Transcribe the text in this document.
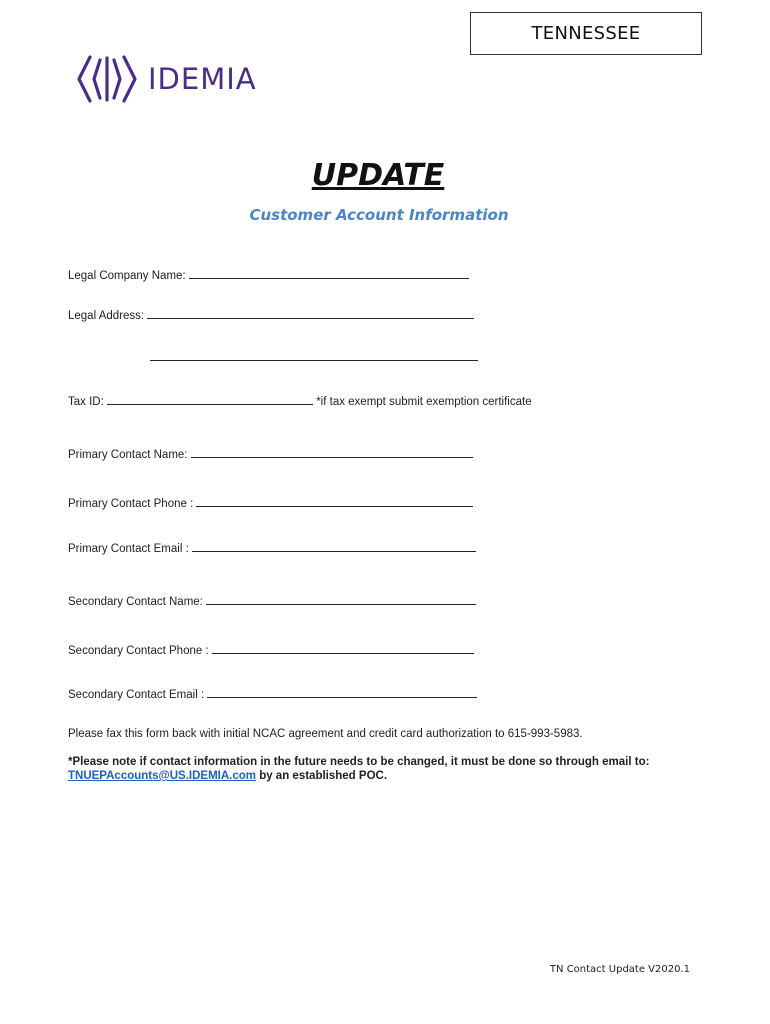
TENNESSEE
IDEMIA
UPDATE
Customer Account Information
Legal Company Name:
Legal Address:
Tax ID:	*if tax exempt submit exemption certificate
Primary Contact Name:
Primary Contact Phone :
Primary Contact Email :
Secondary Contact Name:
Secondary Contact Phone :
Secondary Contact Email :
Please fax this form back with initial NCAC agreement and credit card authorization to 615-993-5983.
*Please note if contact information in the future needs to be changed, it must be done so through email to:
TNUEPAccounts@US.IDEMIA.com by an established POC.
TN Contact Update V2020.1
